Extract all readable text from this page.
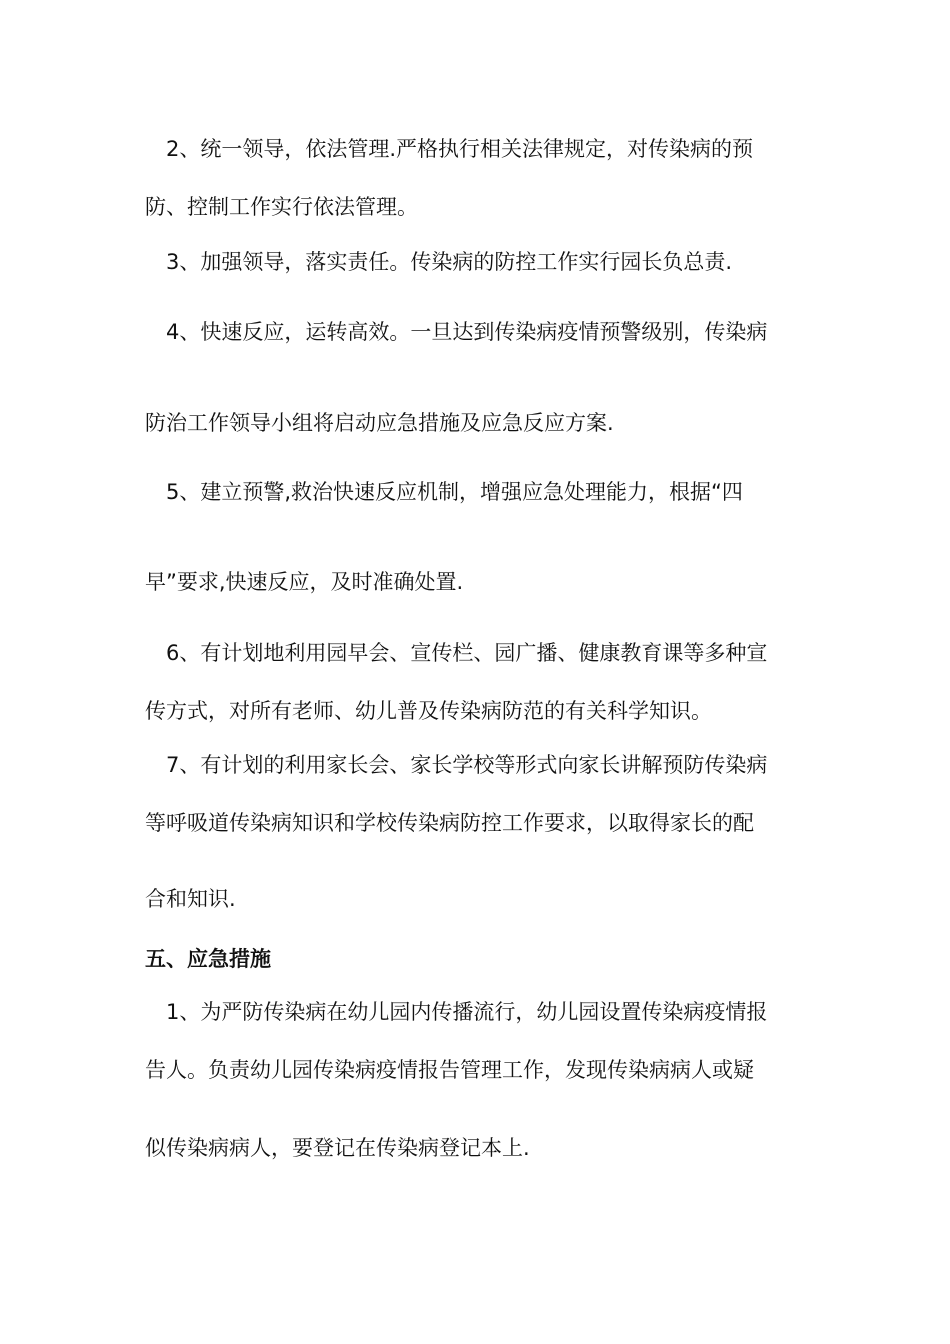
2、统一领导，依法管理.严格执行相关法律规定，对传染病的预

防、控制工作实行依法管理。

3、加强领导，落实责任。传染病的防控工作实行园长负总责.

4、快速反应，运转高效。一旦达到传染病疫情预警级别，传染病

防治工作领导小组将启动应急措施及应急反应方案.

5、建立预警,救治快速反应机制，增强应急处理能力，根据“四

早”要求,快速反应，及时准确处置.

6、有计划地利用园早会、宣传栏、园广播、健康教育课等多种宣

传方式，对所有老师、幼儿普及传染病防范的有关科学知识。

7、有计划的利用家长会、家长学校等形式向家长讲解预防传染病

等呼吸道传染病知识和学校传染病防控工作要求，以取得家长的配

合和知识.

五、应急措施

1、为严防传染病在幼儿园内传播流行，幼儿园设置传染病疫情报

告人。负责幼儿园传染病疫情报告管理工作，发现传染病病人或疑

似传染病病人，要登记在传染病登记本上.
